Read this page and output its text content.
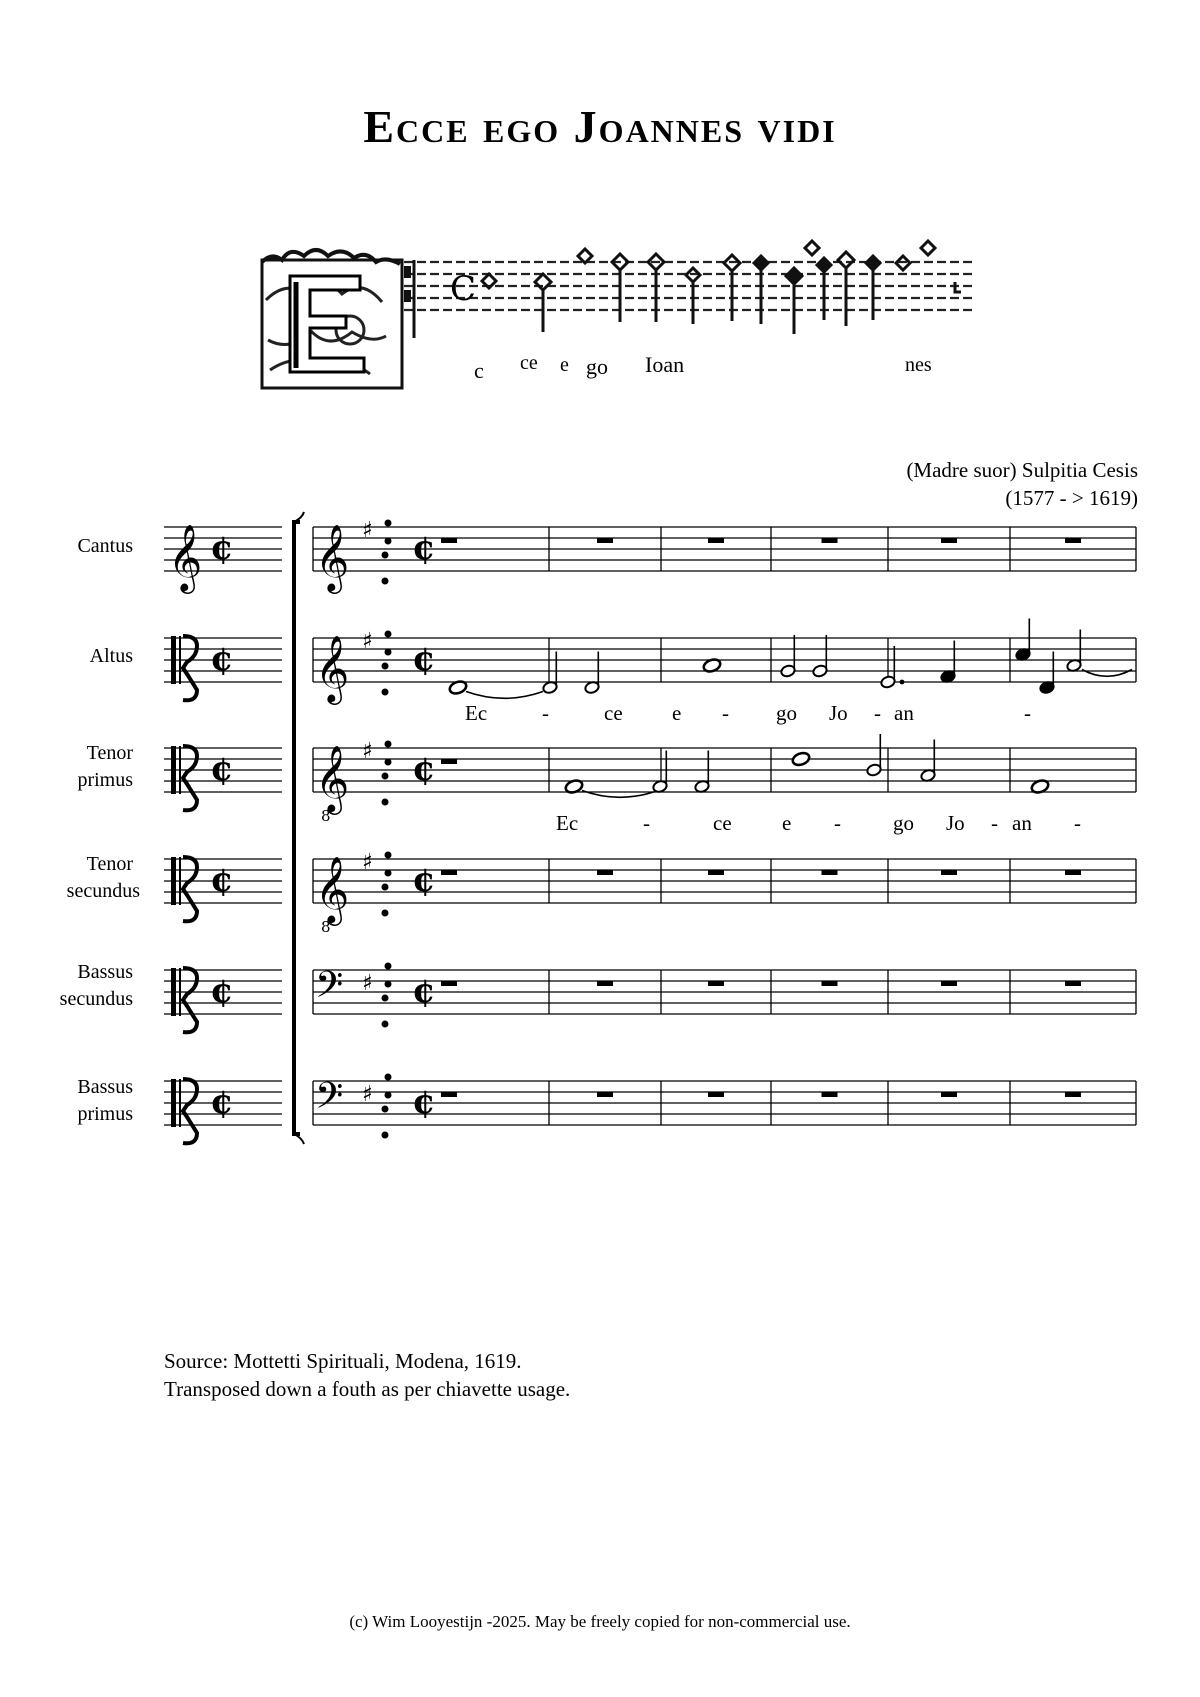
Ecce ego Joannes vidi
c ce e go Ioan	nes
(Madre suor) Sulpitia Cesis
(1577 - > 1619)
Cantus
Altus
Tenor
primus
Tenor
secundus
Bassus
secundus
Bassus
primus
Ec	-	ce e - go Jo - an	-
Ec	-	ce e - go Jo - an -
Source: Mottetti Spirituali, Modena, 1619.
Transposed down a fouth as per chiavette usage.
(c) Wim Looyestijn -2025. May be freely copied for non-commercial use.
C
𝄞 ¢ 𝄞 ♯ ¢
¢ 𝄞 ♯ ¢
¢ 𝄞
8
♯ ¢
¢ 𝄞
8
♯ ¢
¢ 𝄢 ♯ ¢
¢ 𝄢 ♯ ¢
